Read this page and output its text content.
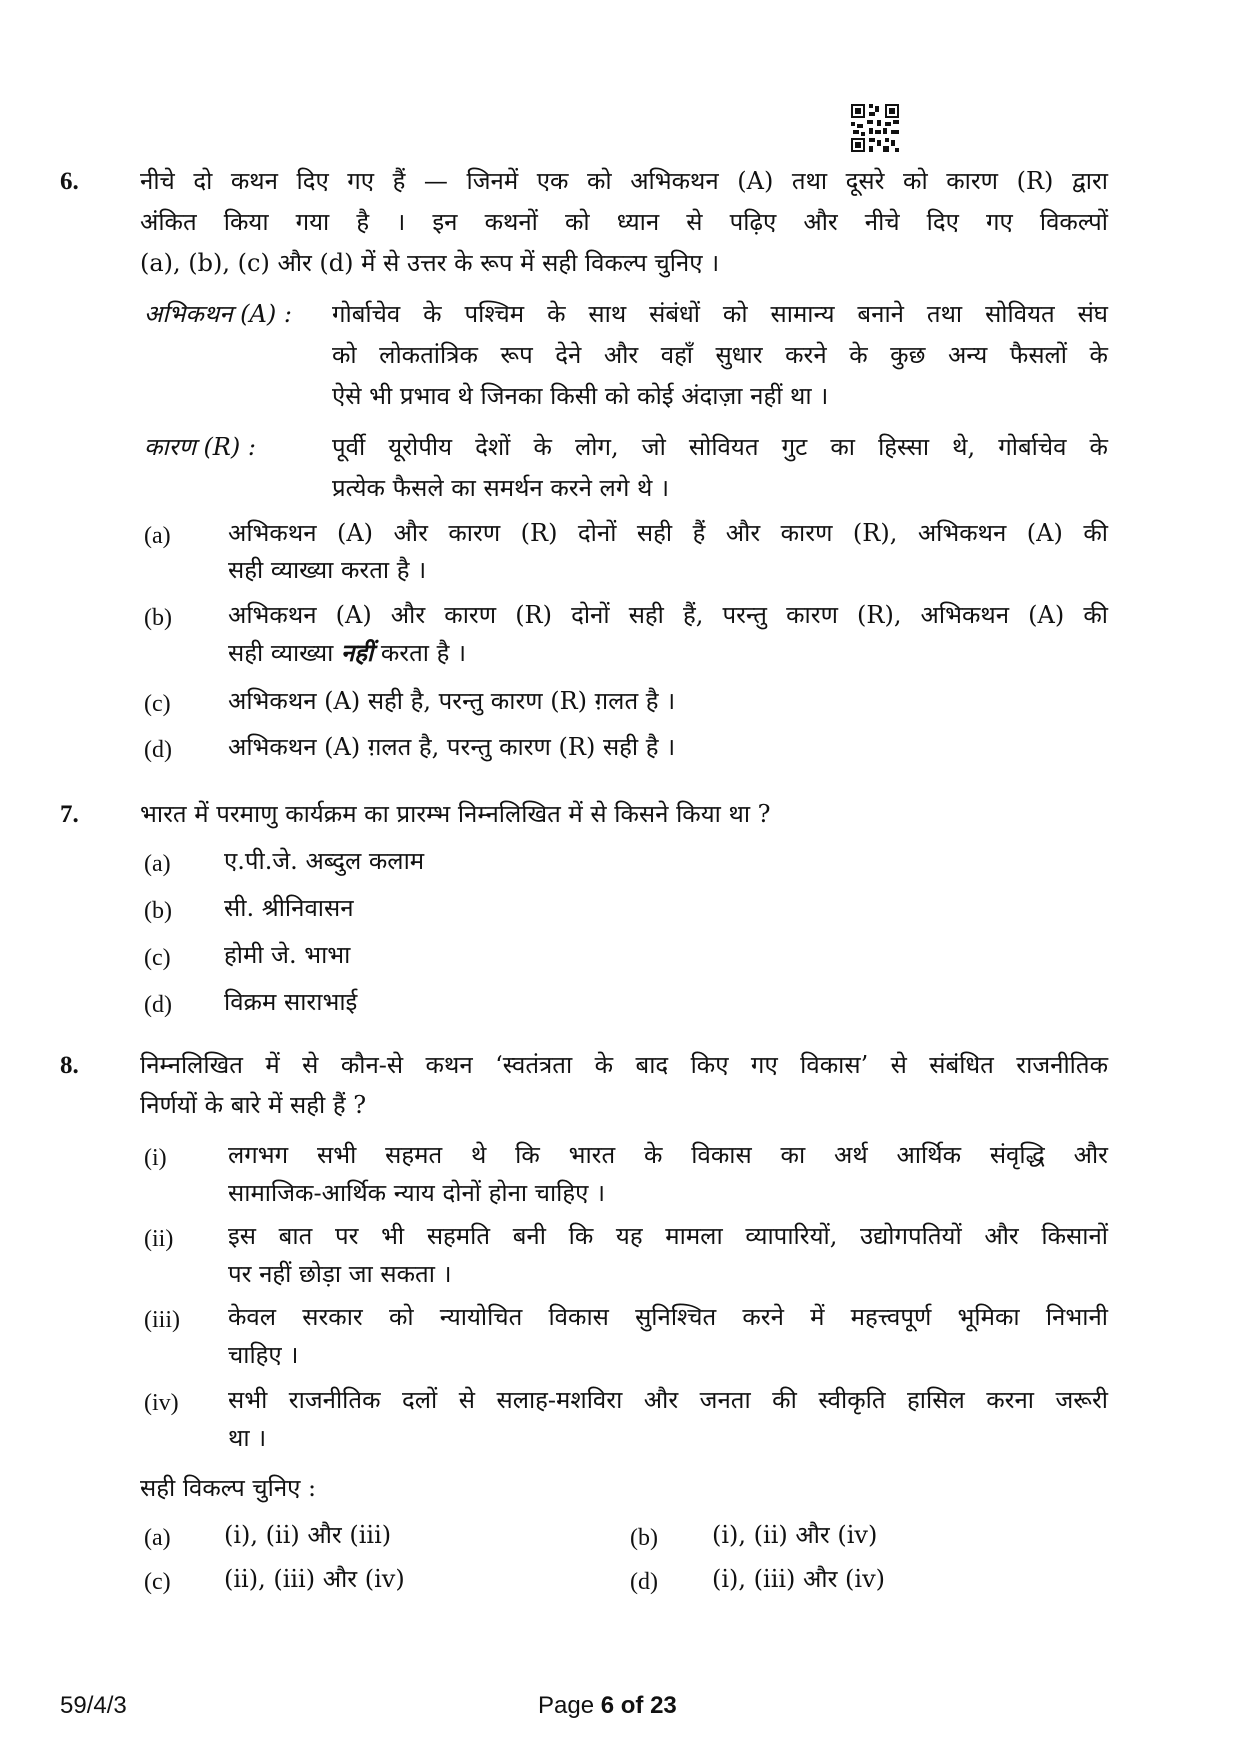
6.	नीचे दो कथन दिए गए हैं — जिनमें एक को अभिकथन (A) तथा दूसरे को कारण (R) द्वारा
अंकित किया गया है । इन कथनों को ध्यान से पढ़िए और नीचे दिए गए विकल्पों
(a), (b), (c) और (d) में से उत्तर के रूप में सही विकल्प चुनिए ।
अभिकथन (A) : गोर्बाचेव के पश्चिम के साथ संबंधों को सामान्य बनाने तथा सोवियत संघ
को लोकतांत्रिक रूप देने और वहाँ सुधार करने के कुछ अन्य फैसलों के
ऐसे भी प्रभाव थे जिनका किसी को कोई अंदाज़ा नहीं था ।
कारण (R) :	पूर्वी यूरोपीय देशों के लोग, जो सोवियत गुट का हिस्सा थे, गोर्बाचेव के
प्रत्येक फैसले का समर्थन करने लगे थे ।
(a) अभिकथन (A) और कारण (R) दोनों सही हैं और कारण (R), अभिकथन (A) की
सही व्याख्या करता है ।
(b) अभिकथन (A) और कारण (R) दोनों सही हैं, परन्तु कारण (R), अभिकथन (A) की
सही व्याख्या नहीं करता है ।
(c) अभिकथन (A) सही है, परन्तु कारण (R) ग़लत है ।
(d) अभिकथन (A) ग़लत है, परन्तु कारण (R) सही है ।
7.	भारत में परमाणु कार्यक्रम का प्रारम्भ निम्नलिखित में से किसने किया था ?
(a) ए.पी.जे. अब्दुल कलाम
(b) सी. श्रीनिवासन
(c) होमी जे. भाभा
(d) विक्रम साराभाई
8.	निम्नलिखित में से कौन-से कथन ‘स्वतंत्रता के बाद किए गए विकास’ से संबंधित राजनीतिक
निर्णयों के बारे में सही हैं ?
(i)	लगभग सभी सहमत थे कि भारत के विकास का अर्थ आर्थिक संवृद्धि और
सामाजिक-आर्थिक न्याय दोनों होना चाहिए ।
(ii) इस बात पर भी सहमति बनी कि यह मामला व्यापारियों, उद्योगपतियों और किसानों
पर नहीं छोड़ा जा सकता ।
(iii) केवल सरकार को न्यायोचित विकास सुनिश्चित करने में महत्त्वपूर्ण भूमिका निभानी
चाहिए ।
(iv) सभी राजनीतिक दलों से सलाह-मशविरा और जनता की स्वीकृति हासिल करना जरूरी
था ।
सही विकल्प चुनिए :
(a) (i), (ii) और (iii)	(b) (i), (ii) और (iv)
(c) (ii), (iii) और (iv)	(d) (i), (iii) और (iv)
59/4/3	Page 6 of 23
